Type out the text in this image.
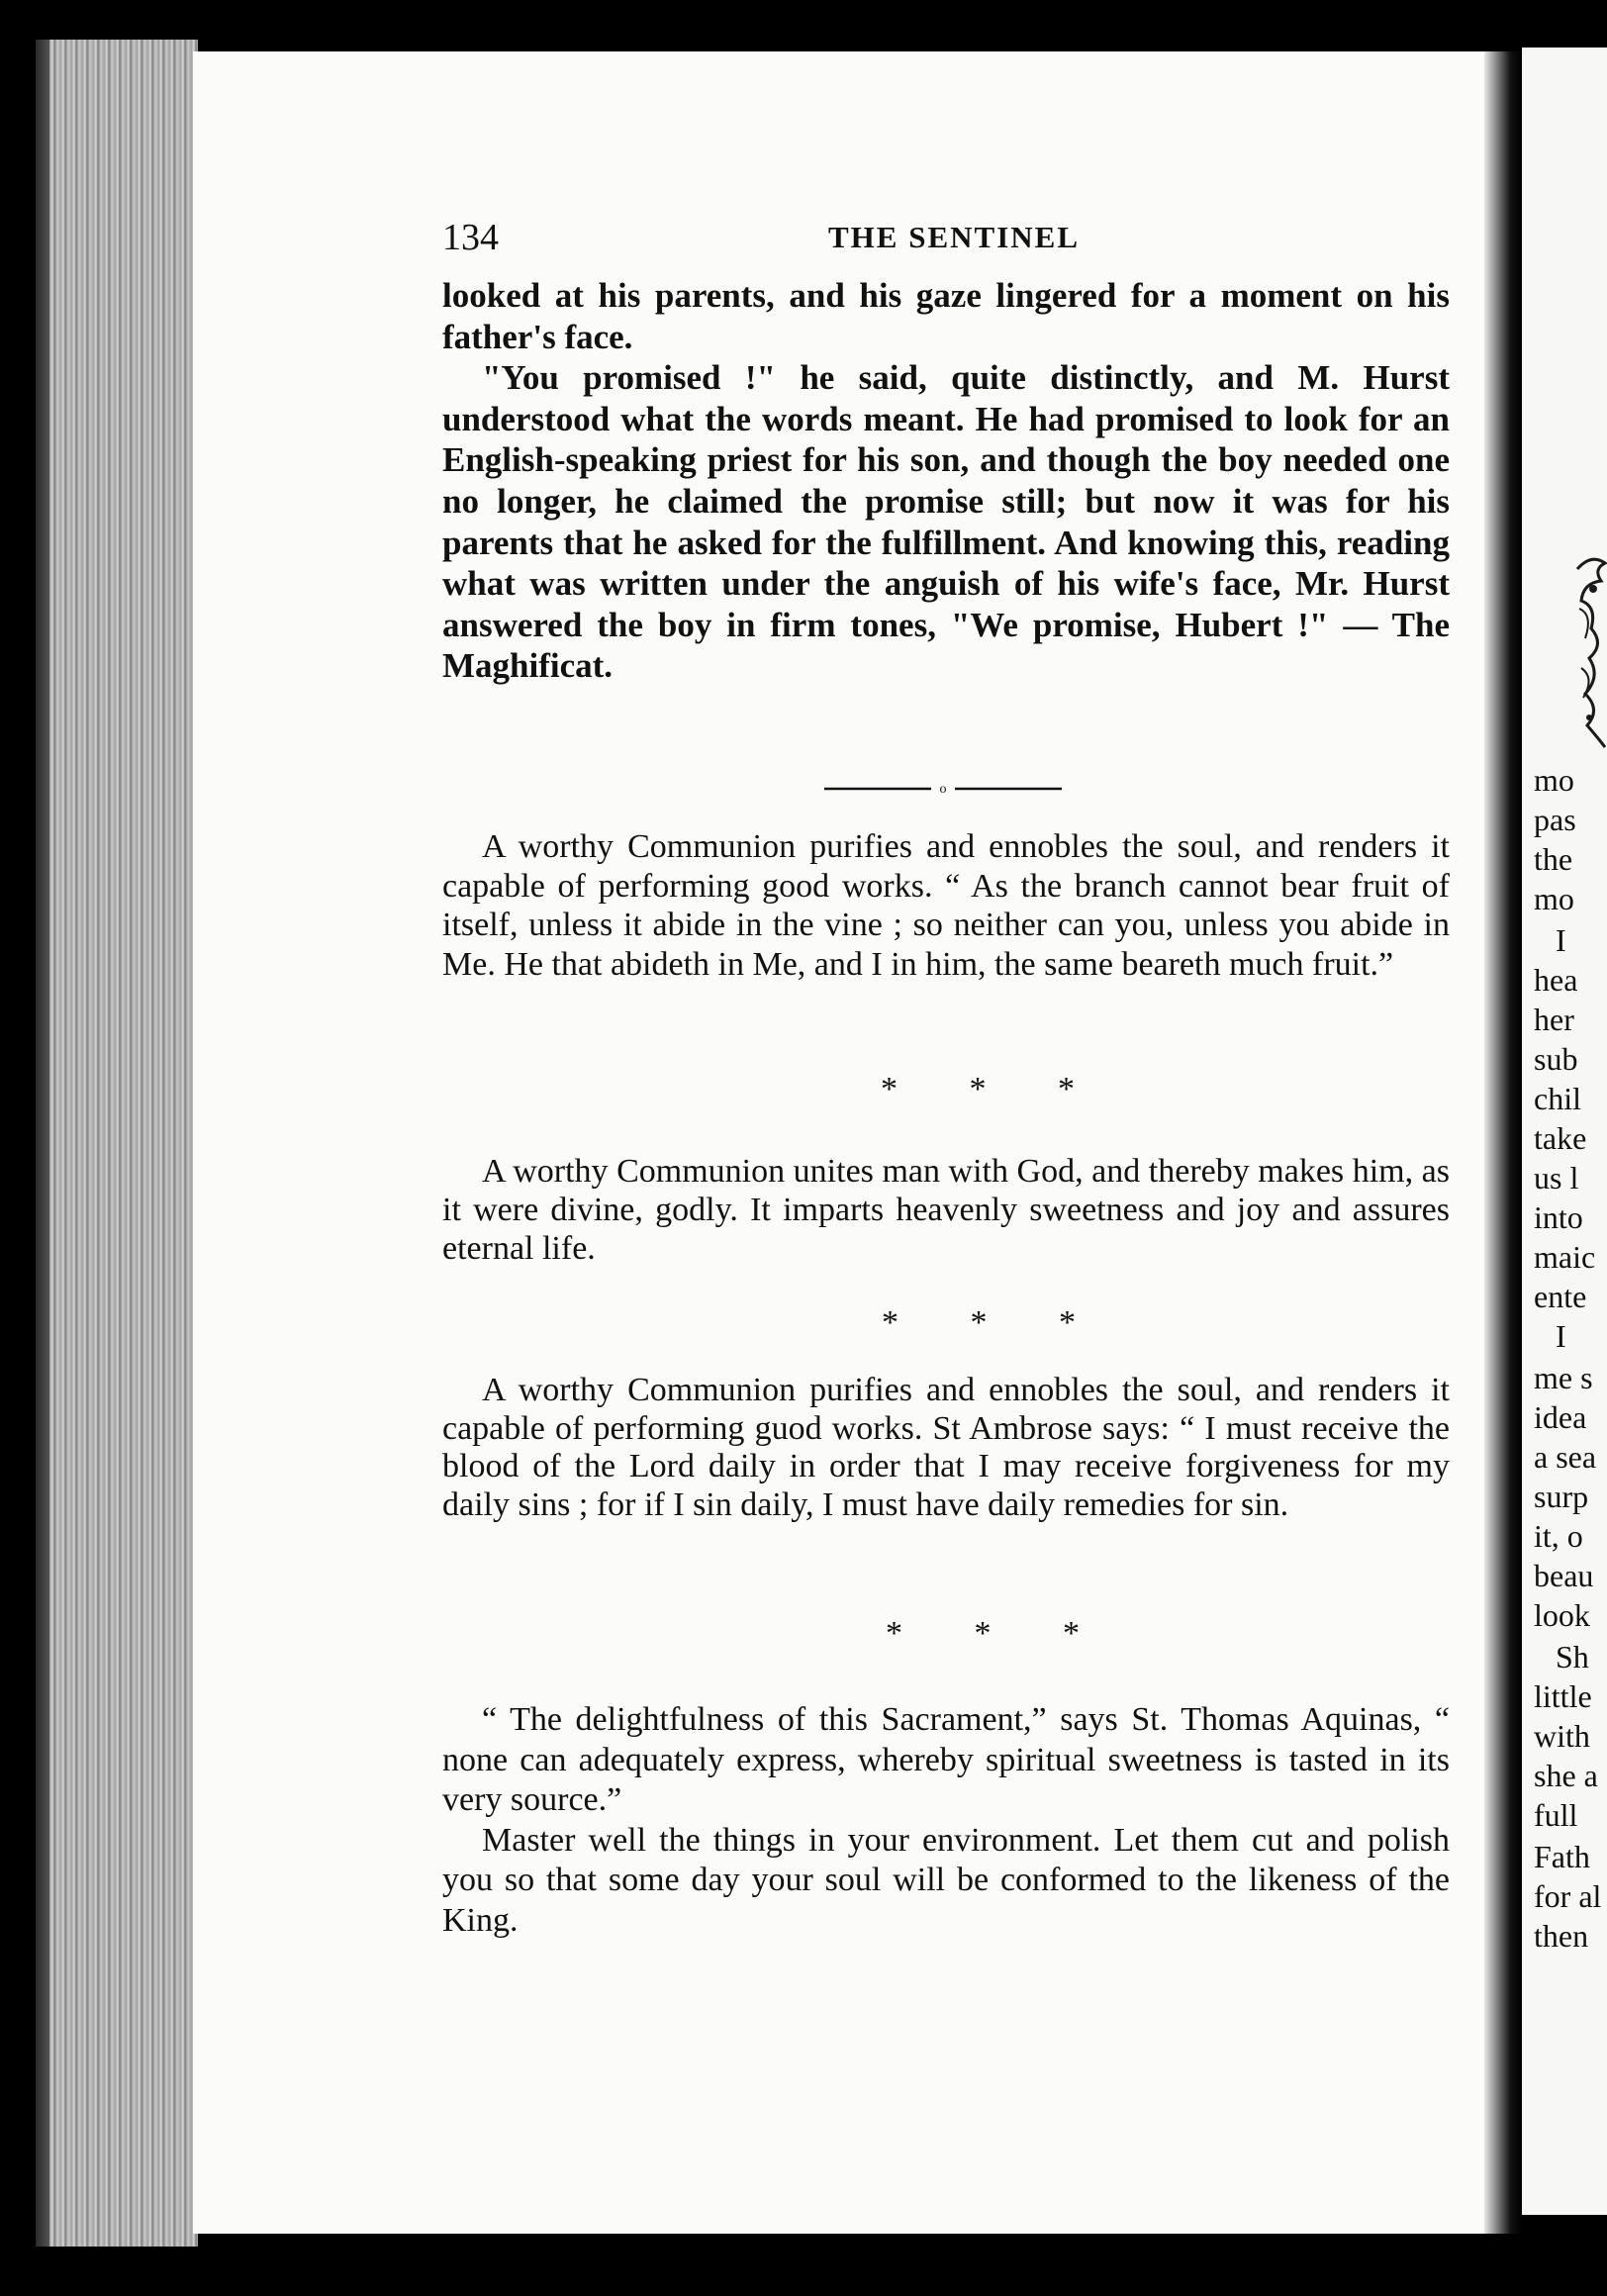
mo
pas
the
mo
I
hea
her
sub
chil
take
us l
into
maic
ente
I
me s
idea
a sea
surp
it, o
beau
look
Sh
little
with
she a
full
Fath
for al
then
134	THE SENTINEL

looked at his parents, and his gaze lingered for a moment on his father's face.

"You promised !" he said, quite distinctly, and M. Hurst understood what the words meant. He had promised to look for an English-speaking priest for his son, and though the boy needed one no longer, he claimed the promise still; but now it was for his parents that he asked for the fulfillment. And knowing this, reading what was written under the anguish of his wife's face, Mr. Hurst answered the boy in firm tones, "We promise, Hubert !" — The Maghificat.

o

A worthy Communion purifies and ennobles the soul, and renders it capable of performing good works. “ As the branch cannot bear fruit of itself, unless it abide in the vine ; so neither can you, unless you abide in Me. He that abideth in Me, and I in him, the same beareth much fruit.”

* * *

A worthy Communion unites man with God, and thereby makes him, as it were divine, godly. It imparts heavenly sweetness and joy and assures eternal life.

* * *

A worthy Communion purifies and ennobles the soul, and renders it capable of performing guod works. St Ambrose says: “ I must receive the blood of the Lord daily in order that I may receive forgiveness for my daily sins ; for if I sin daily, I must have daily remedies for sin.

* * *

“ The delightfulness of this Sacrament,” says St. Thomas Aquinas, “ none can adequately express, whereby spiritual sweetness is tasted in its very source.”

Master well the things in your environment. Let them cut and polish you so that some day your soul will be conformed to the likeness of the King.
